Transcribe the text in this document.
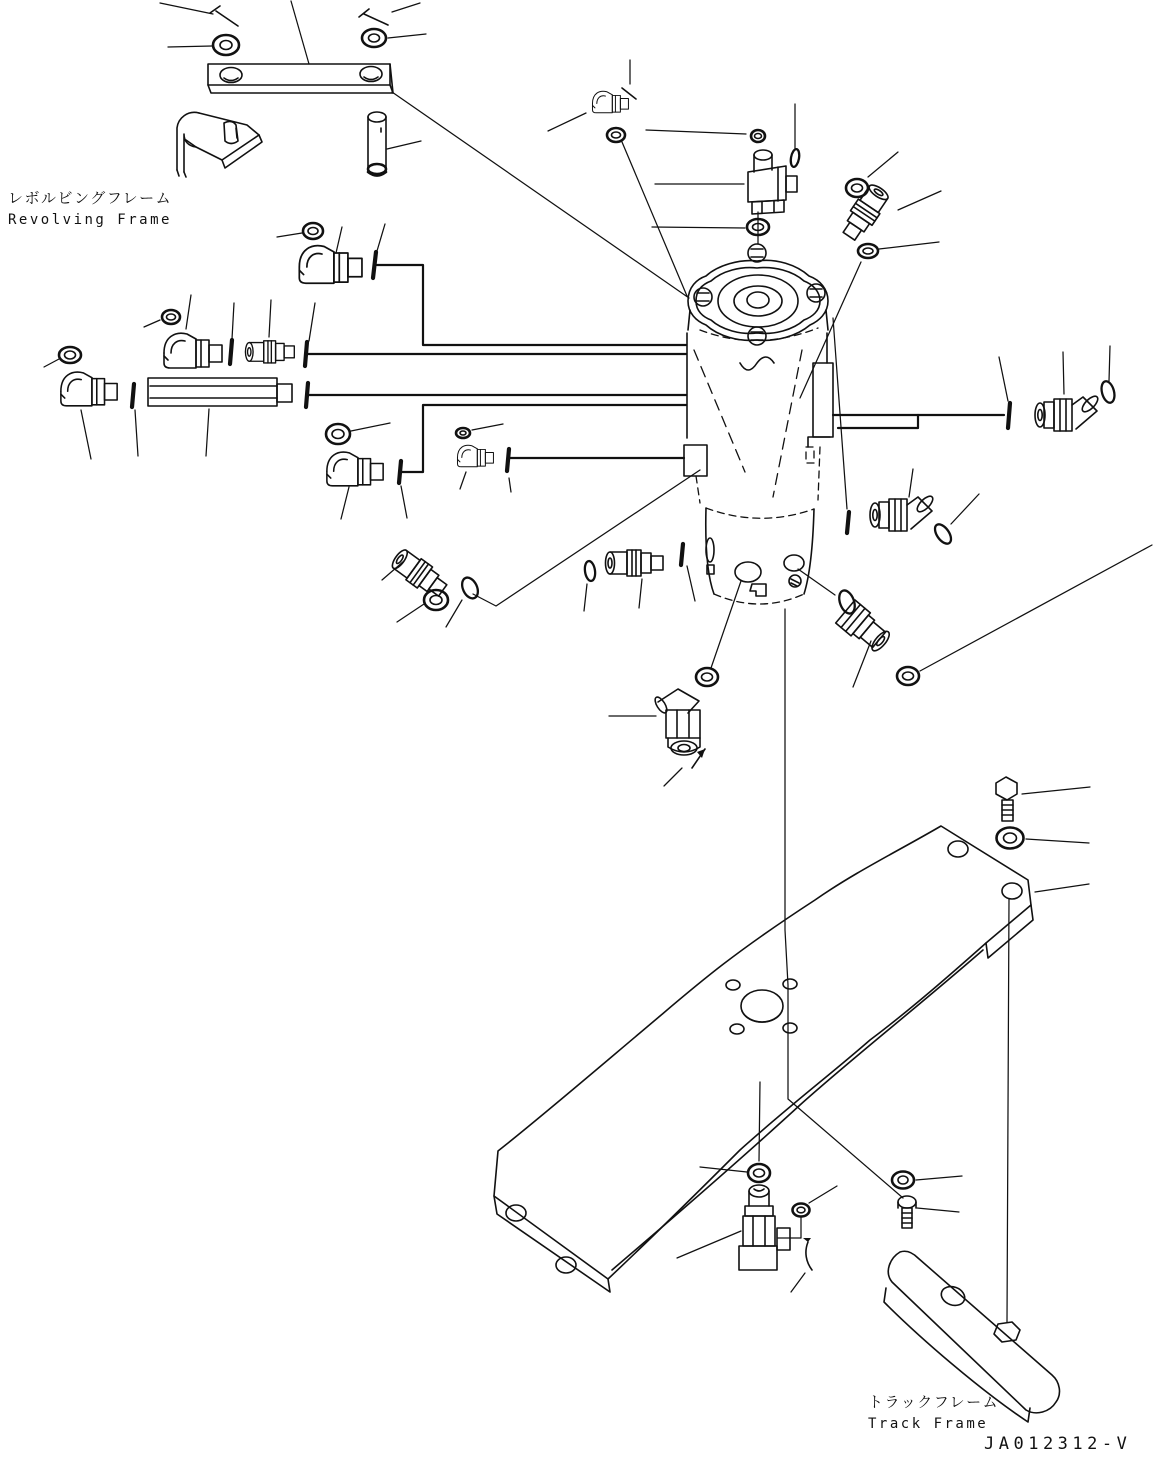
レボルビングフレーム
Revolving Frame
トラックフレーム
Track Frame
JA012312-V
